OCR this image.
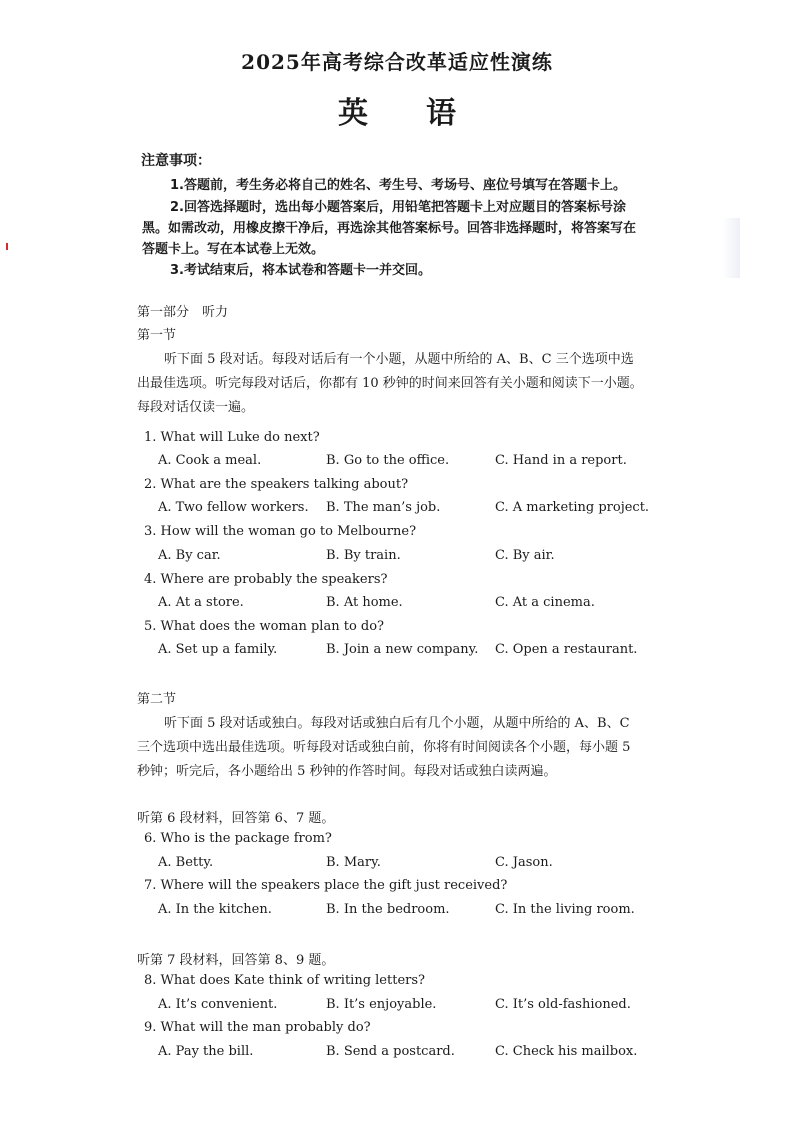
2025年高考综合改革适应性演练
英语
注意事项：
1.答题前，考生务必将自己的姓名、考生号、考场号、座位号填写在答题卡上。
2.回答选择题时，选出每小题答案后，用铅笔把答题卡上对应题目的答案标号涂
黑。如需改动，用橡皮擦干净后，再选涂其他答案标号。回答非选择题时，将答案写在
答题卡上。写在本试卷上无效。
3.考试结束后，将本试卷和答题卡一并交回。
第一部分　听力
第一节
听下面 5 段对话。每段对话后有一个小题，从题中所给的 A、B、C 三个选项中选
出最佳选项。听完每段对话后，你都有 10 秒钟的时间来回答有关小题和阅读下一小题。
每段对话仅读一遍。
1. What will Luke do next?
A. Cook a meal.	B. Go to the office.	C. Hand in a report.
2. What are the speakers talking about?
A. Two fellow workers. B. The man’s job.	C. A marketing project.
3. How will the woman go to Melbourne?
A. By car.	B. By train.	C. By air.
4. Where are probably the speakers?
A. At a store.	B. At home.	C. At a cinema.
5. What does the woman plan to do?
A. Set up a family.	B. Join a new company. C. Open a restaurant.
第二节
听下面 5 段对话或独白。每段对话或独白后有几个小题，从题中所给的 A、B、C
三个选项中选出最佳选项。听每段对话或独白前，你将有时间阅读各个小题，每小题 5
秒钟；听完后，各小题给出 5 秒钟的作答时间。每段对话或独白读两遍。
听第 6 段材料，回答第 6、7 题。
6. Who is the package from?
A. Betty.	B. Mary.	C. Jason.
7. Where will the speakers place the gift just received?
A. In the kitchen.	B. In the bedroom.	C. In the living room.
听第 7 段材料，回答第 8、9 题。
8. What does Kate think of writing letters?
A. It’s convenient.	B. It’s enjoyable.	C. It’s old-fashioned.
9. What will the man probably do?
A. Pay the bill.	B. Send a postcard.	C. Check his mailbox.
